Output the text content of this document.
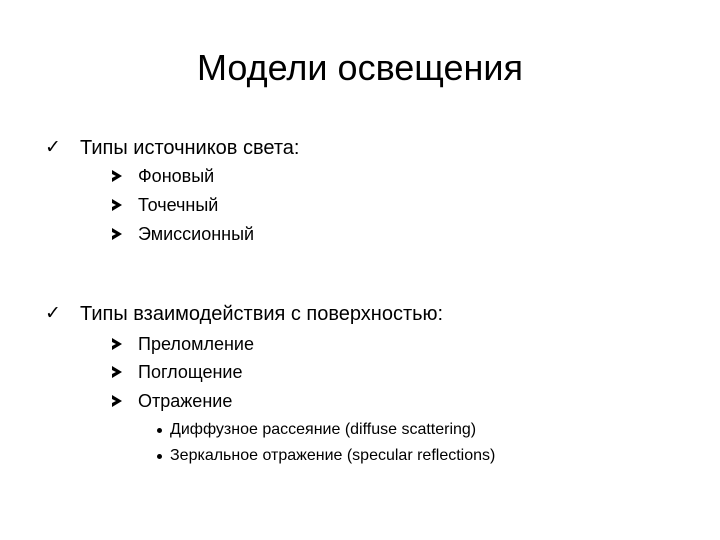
Модели освещения
✓ Типы источников света:
Фоновый
Точечный
Эмиссионный
✓ Типы взаимодействия с поверхностью:
Преломление
Поглощение
Отражение
Диффузное рассеяние (diffuse scattering)
Зеркальное отражение (specular reflections)
